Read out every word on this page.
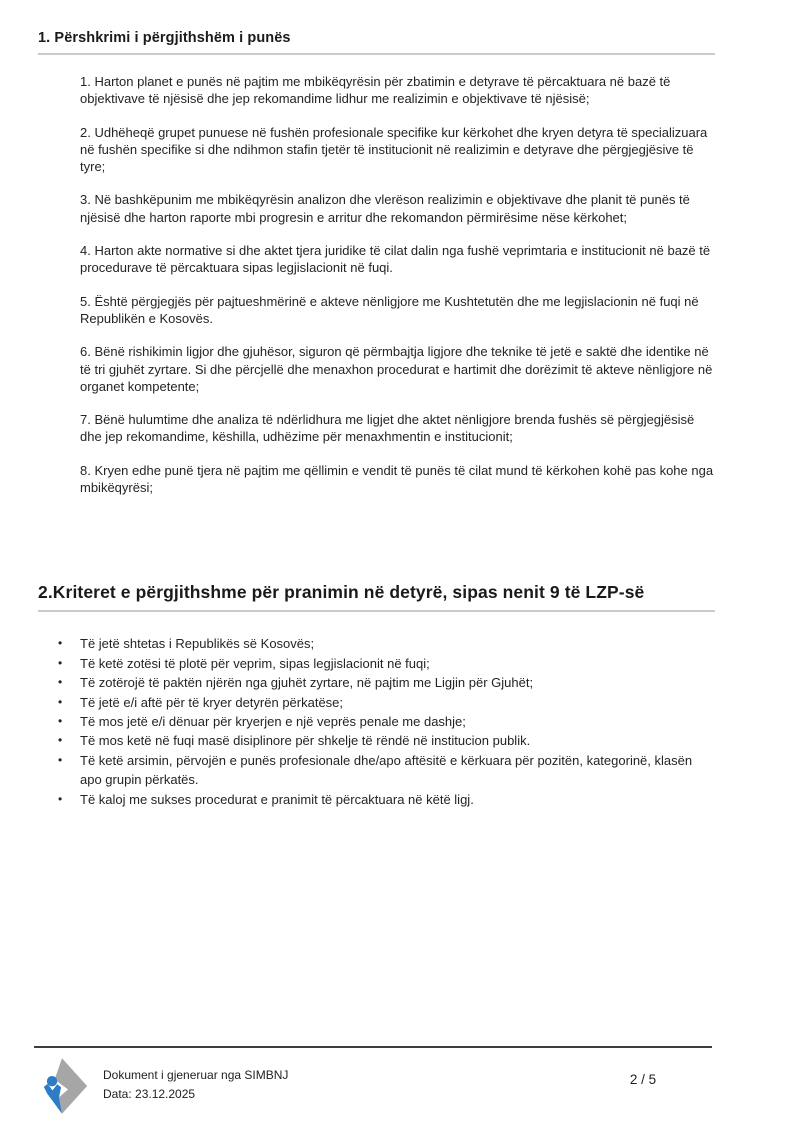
1. Përshkrimi i përgjithshëm i punës

1. Harton planet e punës në pajtim me mbikëqyrësin për zbatimin e detyrave të përcaktuara në bazë të objektivave të njësisë dhe jep rekomandime lidhur me realizimin e objektivave të njësisë;

2. Udhëheqë grupet punuese në fushën profesionale specifike kur kërkohet dhe kryen detyra të specializuara në fushën specifike si dhe ndihmon stafin tjetër të institucionit në realizimin e detyrave dhe përgjegjësive të tyre;

3. Në bashkëpunim me mbikëqyrësin analizon dhe vlerëson realizimin e objektivave dhe planit të punës të njësisë dhe harton raporte mbi progresin e arritur dhe rekomandon përmirësime nëse kërkohet;

4. Harton akte normative si dhe aktet tjera juridike të cilat dalin nga fushë veprimtaria e institucionit në bazë të procedurave të përcaktuara sipas legjislacionit në fuqi.

5. Është përgjegjës për pajtueshmërinë e akteve nënligjore me Kushtetutën dhe me legjislacionin në fuqi në Republikën e Kosovës.

6. Bënë rishikimin ligjor dhe gjuhësor, siguron që përmbajtja ligjore dhe teknike të jetë e saktë dhe identike në të tri gjuhët zyrtare. Si dhe përcjellë dhe menaxhon procedurat e hartimit dhe dorëzimit të akteve nënligjore në organet kompetente;

7. Bënë hulumtime dhe analiza të ndërlidhura me ligjet dhe aktet nënligjore brenda fushës së përgjegjësisë dhe jep rekomandime, këshilla, udhëzime për menaxhmentin e institucionit;

8. Kryen edhe punë tjera në pajtim me qëllimin e vendit të punës të cilat mund të kërkohen kohë pas kohe nga mbikëqyrësi;

2.Kriteret e përgjithshme për pranimin në detyrë, sipas nenit 9 të LZP-së
•	Të jetë shtetas i Republikës së Kosovës;
•	Të ketë zotësi të plotë për veprim, sipas legjislacionit në fuqi;
•	Të zotërojë të paktën njërën nga gjuhët zyrtare, në pajtim me Ligjin për Gjuhët;
•	Të jetë e/i aftë për të kryer detyrën përkatëse;
•	Të mos jetë e/i dënuar për kryerjen e një veprës penale me dashje;
•	Të mos ketë në fuqi masë disiplinore për shkelje të rëndë në institucion publik.
•	Të ketë arsimin, përvojën e punës profesionale dhe/apo aftësitë e kërkuara për pozitën, kategorinë, klasën apo grupin përkatës.
•	Të kaloj me sukses procedurat e pranimit të përcaktuara në këtë ligj.
Dokument i gjeneruar nga SIMBNJ
Data: 23.12.2025
2 / 5
